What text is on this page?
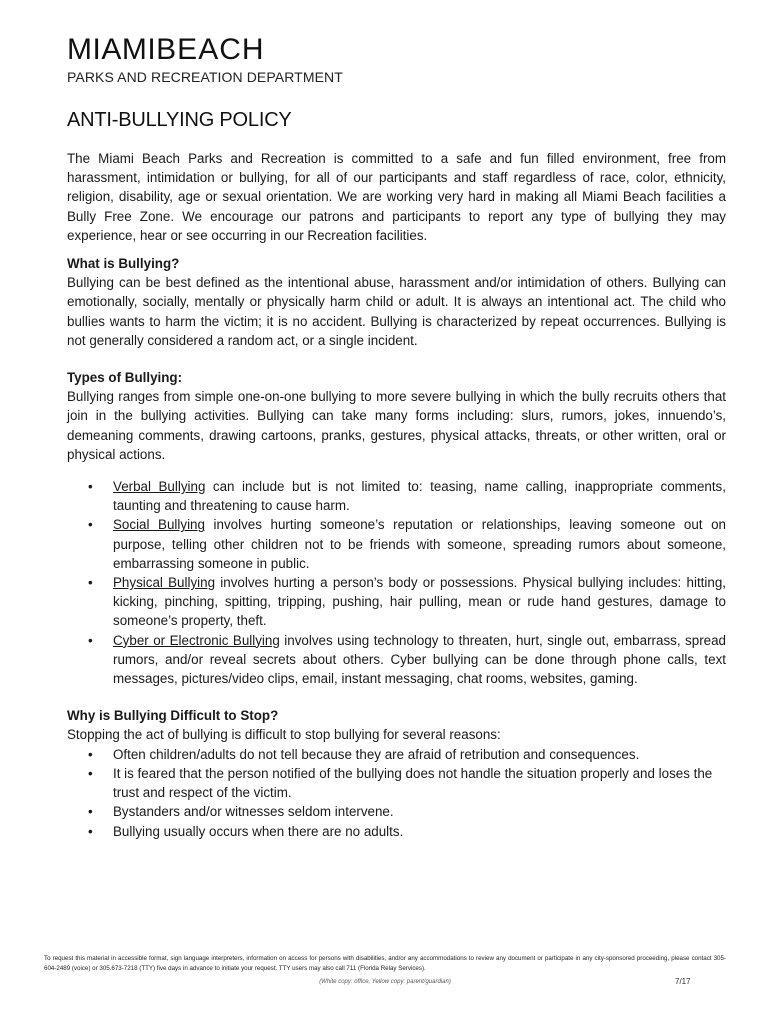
MIAMIBEACH
PARKS AND RECREATION DEPARTMENT
ANTI-BULLYING POLICY

The Miami Beach Parks and Recreation is committed to a safe and fun filled environment, free from harassment, intimidation or bullying, for all of our participants and staff regardless of race, color, ethnicity, religion, disability, age or sexual orientation. We are working very hard in making all Miami Beach facilities a Bully Free Zone. We encourage our patrons and participants to report any type of bullying they may experience, hear or see occurring in our Recreation facilities.

What is Bullying?

Bullying can be best defined as the intentional abuse, harassment and/or intimidation of others. Bullying can emotionally, socially, mentally or physically harm child or adult. It is always an intentional act. The child who bullies wants to harm the victim; it is no accident. Bullying is characterized by repeat occurrences. Bullying is not generally considered a random act, or a single incident.

Types of Bullying:

Bullying ranges from simple one-on-one bullying to more severe bullying in which the bully recruits others that join in the bullying activities. Bullying can take many forms including: slurs, rumors, jokes, innuendo’s, demeaning comments, drawing cartoons, pranks, gestures, physical attacks, threats, or other written, oral or physical actions.

• Verbal Bullying can include but is not limited to: teasing, name calling, inappropriate comments, taunting and threatening to cause harm.
• Social Bullying involves hurting someone’s reputation or relationships, leaving someone out on purpose, telling other children not to be friends with someone, spreading rumors about someone, embarrassing someone in public.
• Physical Bullying involves hurting a person’s body or possessions. Physical bullying includes: hitting, kicking, pinching, spitting, tripping, pushing, hair pulling, mean or rude hand gestures, damage to someone’s property, theft.
• Cyber or Electronic Bullying involves using technology to threaten, hurt, single out, embarrass, spread rumors, and/or reveal secrets about others. Cyber bullying can be done through phone calls, text messages, pictures/video clips, email, instant messaging, chat rooms, websites, gaming.

Why is Bullying Difficult to Stop?

Stopping the act of bullying is difficult to stop bullying for several reasons:

• Often children/adults do not tell because they are afraid of retribution and consequences.
• It is feared that the person notified of the bullying does not handle the situation properly and loses the trust and respect of the victim.
• Bystanders and/or witnesses seldom intervene.
• Bullying usually occurs when there are no adults.
To request this material in accessible format, sign language interpreters, information on access for persons with disabilities, and/or any accommodations to review any document or participate in any city-sponsored proceeding, please contact 305-604-2489 (voice) or 305.673-7218 (TTY) five days in advance to initiate your request. TTY users may also call 711 (Florida Relay Services).
(White copy: office, Yellow copy: parent/guardian)	7/17
